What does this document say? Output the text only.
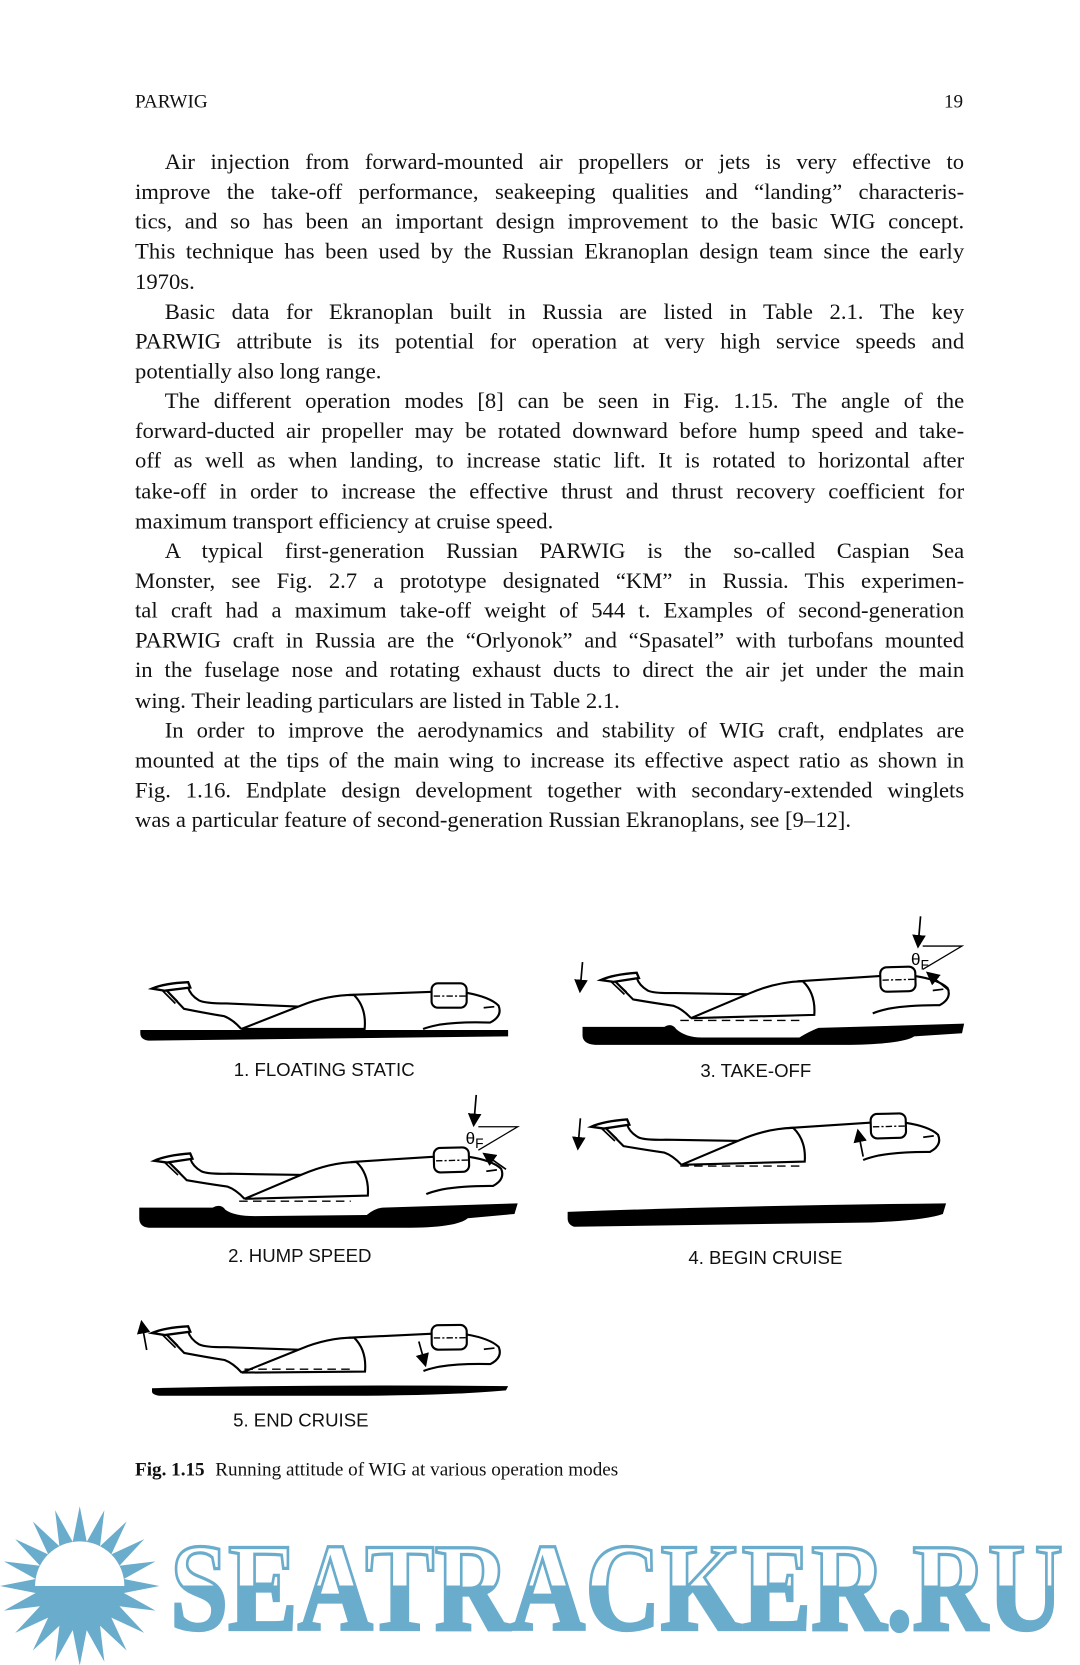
PARWIG	19
Air injection from forward-mounted air propellers or jets is very effective to
improve the take-off performance, seakeeping qualities and “landing” characteris-
tics, and so has been an important design improvement to the basic WIG concept.
This technique has been used by the Russian Ekranoplan design team since the early
1970s.
Basic data for Ekranoplan built in Russia are listed in Table 2.1. The key
PARWIG attribute is its potential for operation at very high service speeds and
potentially also long range.
The different operation modes [8] can be seen in Fig. 1.15. The angle of the
forward-ducted air propeller may be rotated downward before hump speed and take-
off as well as when landing, to increase static lift. It is rotated to horizontal after
take-off in order to increase the effective thrust and thrust recovery coefficient for
maximum transport efficiency at cruise speed.
A typical first-generation Russian PARWIG is the so-called Caspian Sea
Monster, see Fig. 2.7 a prototype designated “KM” in Russia. This experimen-
tal craft had a maximum take-off weight of 544 t. Examples of second-generation
PARWIG craft in Russia are the “Orlyonok” and “Spasatel” with turbofans mounted
in the fuselage nose and rotating exhaust ducts to direct the air jet under the main
wing. Their leading particulars are listed in Table 2.1.
In order to improve the aerodynamics and stability of WIG craft, endplates are
mounted at the tips of the main wing to increase its effective aspect ratio as shown in
Fig. 1.16. Endplate design development together with secondary-extended winglets
was a particular feature of second-generation Russian Ekranoplans, see [9–12].
$\theta_F$
$\theta_F$
SEATRACKER.RU
1. FLOATING STATIC
2. HUMP SPEED
3. TAKE-OFF
4. BEGIN CRUISE
5. END CRUISE
Fig. 1.15 Running attitude of WIG at various operation modes
